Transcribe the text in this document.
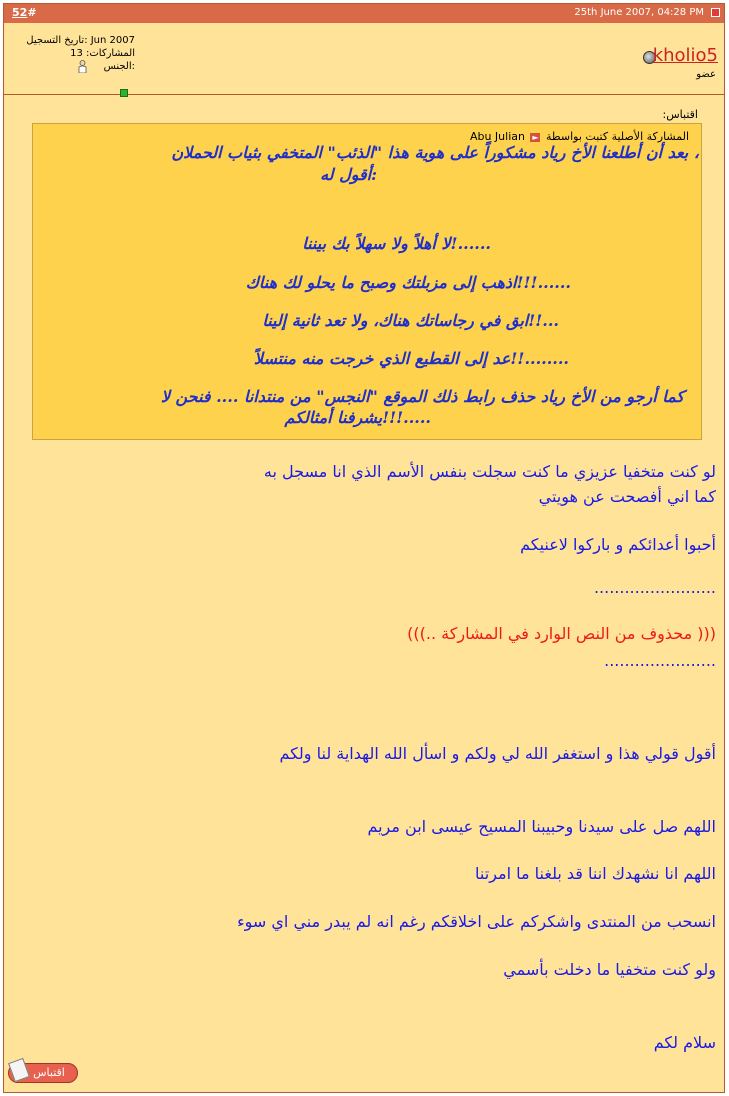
52#	25th June 2007, 04:28 PM
تاريخ التسجيل: Jun 2007
المشاركات: 13
الجنس:
kholio5
عضو
اقتباس:
Abu Julian ► المشاركة الأصلية كتبت بواسطة
بعد أن أطلعنا الأخ رياد مشكوراً على هوية هذا "الذئب" المتخفي بثياب الحملان ،
أقول له:
لا أهلاً ولا سهلاً بك بيننا!......
اذهب إلى مزبلتك وصبح ما يحلو لك هناك!!!......
ابق في رجاساتك هناك، ولا تعد ثانية إلينا!!...
عد إلى القطيع الذي خرجت منه منتسلاً!!........
كما أرجو من الأخ رياد حذف رابط ذلك الموقع "النجس" من منتدانا .... فنحن لا
يشرفنا أمثالكم!!!.....
لو كنت متخفيا عزيزي ما كنت سجلت بنفس الأسم الذي انا مسجل به
كما اني أفصحت عن هويتي
أحبوا أعدائكم و باركوا لاعنيكم
........................
((( محذوف من النص الوارد في المشاركة ..)))
......................
أقول قولي هذا و استغفر الله لي ولكم و اسأل الله الهداية لنا ولكم
اللهم صل على سيدنا وحبيبنا المسيح عيسى ابن مريم
اللهم انا نشهدك اننا قد بلغنا ما امرتنا
انسحب من المنتدى واشكركم على اخلاقكم رغم انه لم يبدر مني اي سوء
ولو كنت متخفيا ما دخلت بأسمي
سلام لكم
اقتباس
